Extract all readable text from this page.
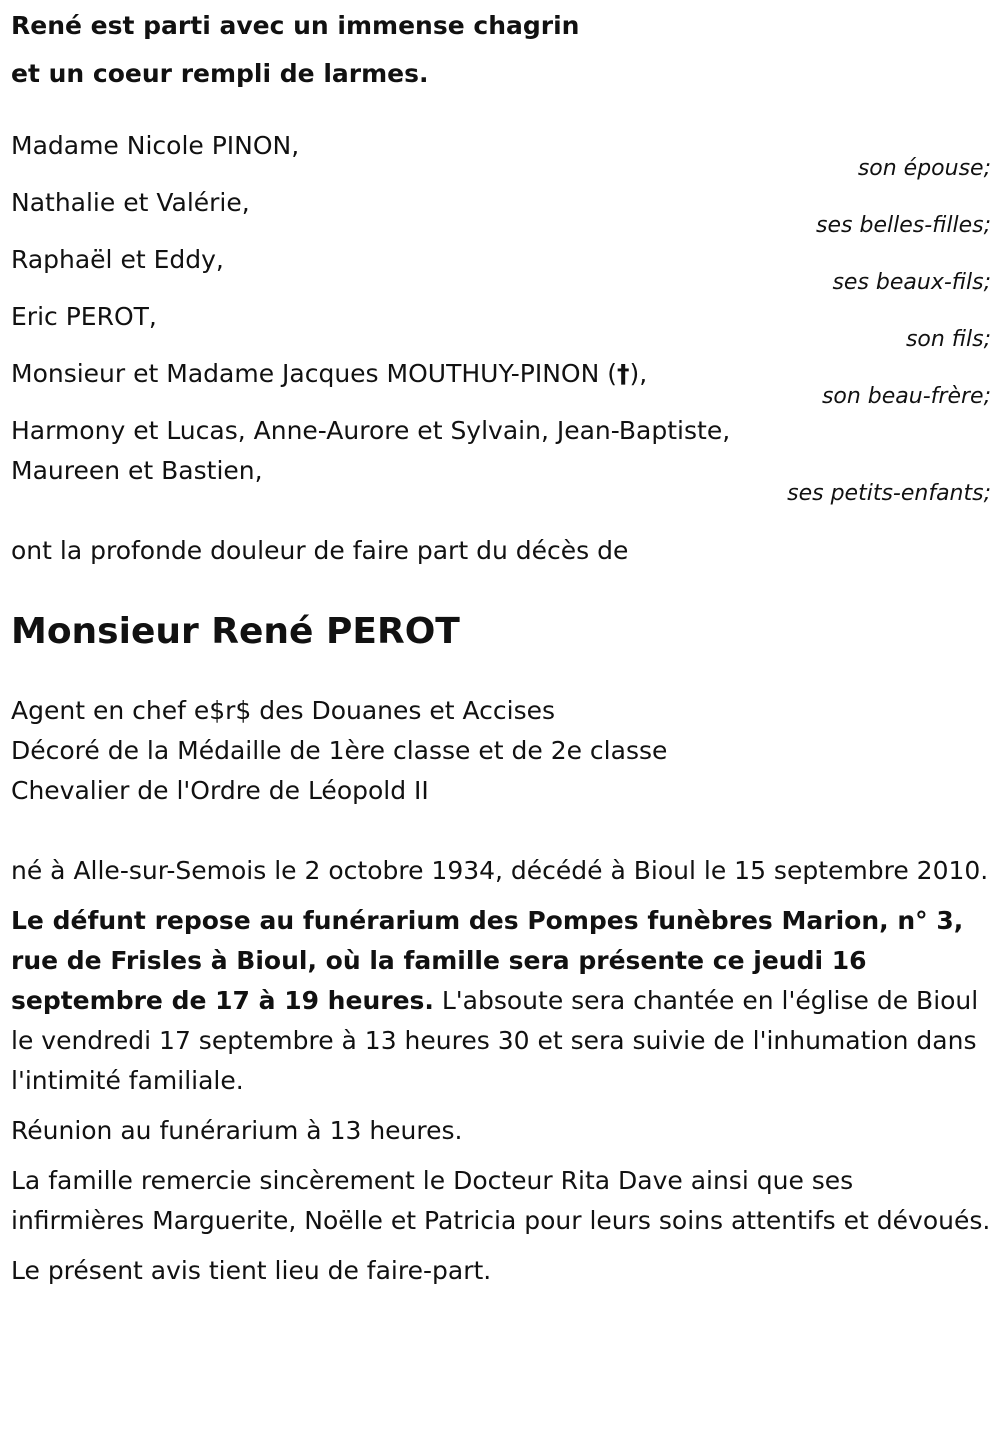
René est parti avec un immense chagrin
et un coeur rempli de larmes.
Madame Nicole PINON,
son épouse;
Nathalie et Valérie,
ses belles-filles;
Raphaël et Eddy,
ses beaux-fils;
Eric PEROT,
son fils;
Monsieur et Madame Jacques MOUTHUY-PINON (†),
son beau-frère;
Harmony et Lucas, Anne-Aurore et Sylvain, Jean-Baptiste, Maureen et Bastien,
ses petits-enfants;
ont la profonde douleur de faire part du décès de
Monsieur René PEROT
Agent en chef e$r$ des Douanes et Accises
Décoré de la Médaille de 1ère classe et de 2e classe
Chevalier de l'Ordre de Léopold II
né à Alle-sur-Semois le 2 octobre 1934, décédé à Bioul le 15 septembre 2010.
Le défunt repose au funérarium des Pompes funèbres Marion, n° 3, rue de Frisles à Bioul, où la famille sera présente ce jeudi 16 septembre de 17 à 19 heures. L'absoute sera chantée en l'église de Bioul le vendredi 17 septembre à 13 heures 30 et sera suivie de l'inhumation dans l'intimité familiale.
Réunion au funérarium à 13 heures.
La famille remercie sincèrement le Docteur Rita Dave ainsi que ses infirmières Marguerite, Noëlle et Patricia pour leurs soins attentifs et dévoués.
Le présent avis tient lieu de faire-part.
